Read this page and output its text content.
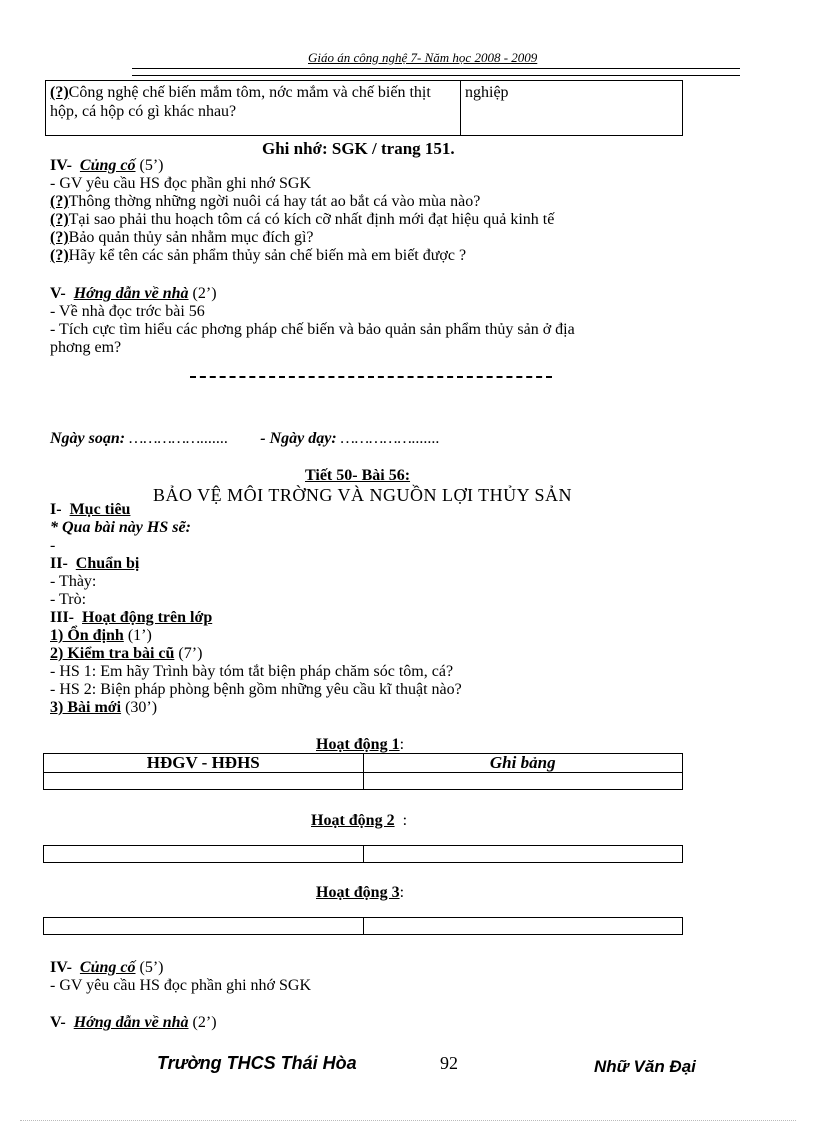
Giáo án công nghệ 7- Năm học 2008 - 2009
(?)Công nghệ chế biến mắm tôm, nớc mắm và chế biến thịt hộp, cá hộp có gì khác nhau?	nghiệp
Ghi nhớ: SGK / trang 151.
IV- Củng cố (5’)
- GV yêu cầu HS đọc phần ghi nhớ SGK
(?)Thông thờng những ngời nuôi cá hay tát ao bắt cá vào mùa nào?
(?)Tại sao phải thu hoạch tôm cá có kích cỡ nhất định mới đạt hiệu quả kinh tế
(?)Bảo quản thủy sản nhằm mục đích gì?
(?)Hãy kể tên các sản phẩm thủy sản chế biến mà em biết được ?
V- Hớng dẫn về nhà (2’)
- Về nhà đọc trớc bài 56
- Tích cực tìm hiểu các phơng pháp chế biến và bảo quản sản phẩm thủy sản ở địa
phơng em?
Ngày soạn: ……………....... - Ngày dạy: …………….......
Tiết 50- Bài 56:
BẢO VỆ MÔI TRỜNG VÀ NGUỒN LỢI THỦY SẢN
I- Mục tiêu
* Qua bài này HS sẽ:
-
II- Chuẩn bị
- Thày:
- Trò:
III- Hoạt động trên lớp
1) Ổn định (1’)
2) Kiểm tra bài cũ (7’)
- HS 1: Em hãy Trình bày tóm tắt biện pháp chăm sóc tôm, cá?
- HS 2: Biện pháp phòng bệnh gồm những yêu cầu kĩ thuật nào?
3) Bài mới (30’)
Hoạt động 1:
HĐGV - HĐHS	Ghi bảng

Hoạt động 2 :

Hoạt động 3:

IV- Củng cố (5’)
- GV yêu cầu HS đọc phần ghi nhớ SGK
V- Hớng dẫn về nhà (2’)
Trường THCS Thái Hòa	92	Nhữ Văn Đại
